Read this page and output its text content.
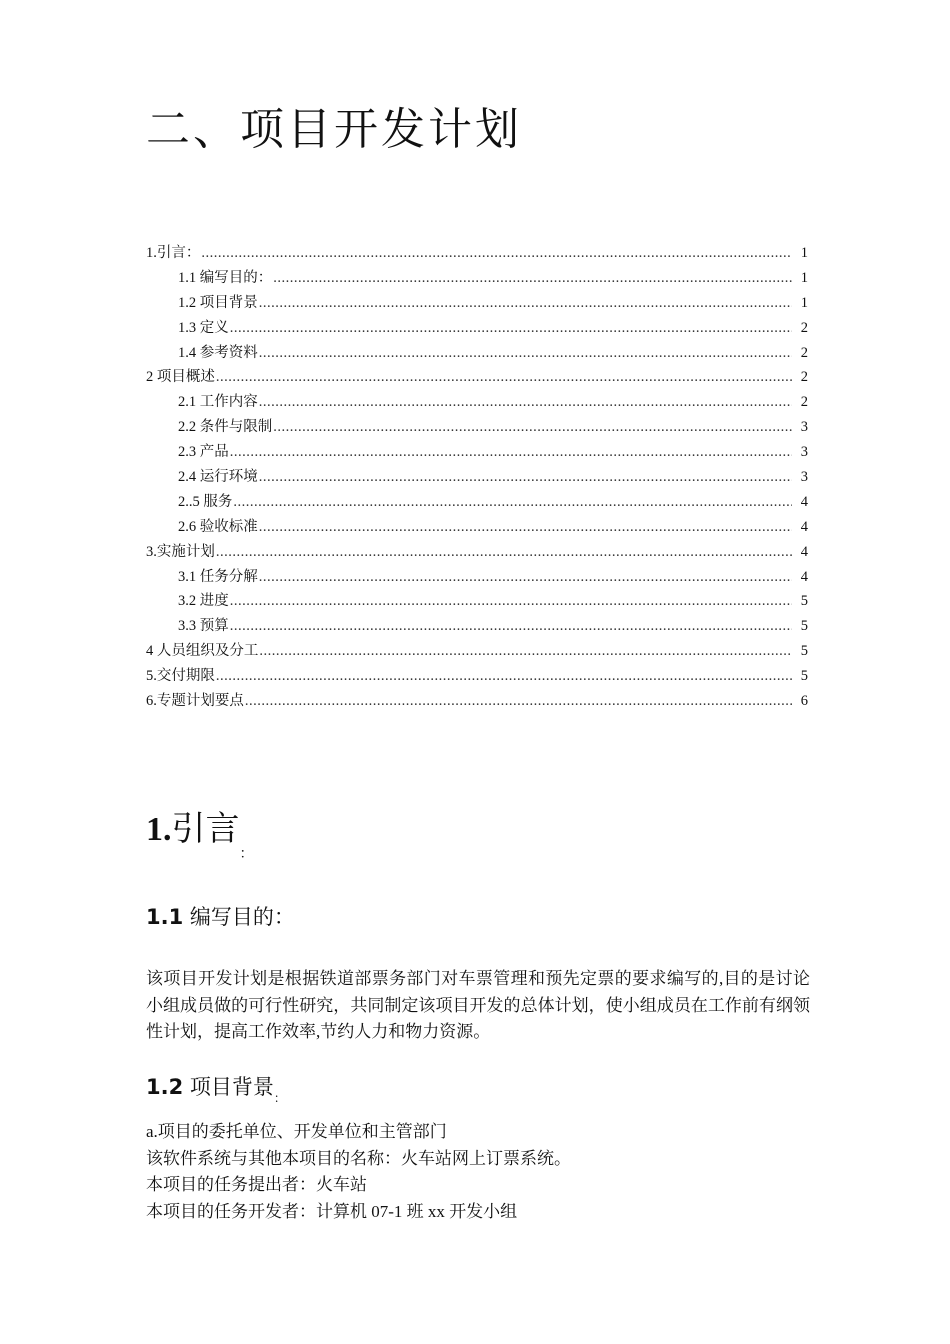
二、项目开发计划
1.引言： .....	1
1.1 编写目的： .....	1
1.2 项目背景 .....	1
1.3 定义 .....	2
1.4 参考资料 .....	2
2 项目概述 .....	2
2.1 工作内容 .....	2
2.2 条件与限制 .....	3
2.3 产品 .....	3
2.4 运行环境 .....	3
2..5 服务 .....	4
2.6 验收标准 .....	4
3.实施计划 .....	4
3.1 任务分解 .....	4
3.2 进度 .....	5
3.3 预算 .....	5
4 人员组织及分工 .....	5
5.交付期限 .....	5
6.专题计划要点 .....	6
1.引言$_:$
1.1 编写目的：
该项目开发计划是根据铁道部票务部门对车票管理和预先定票的要求编写的,目的是讨论小组成员做的可行性研究，共同制定该项目开发的总体计划，使小组成员在工作前有纲领性计划，提高工作效率,节约人力和物力资源。
1.2 项目背景$_:$
a.项目的委托单位、开发单位和主管部门
该软件系统与其他本项目的名称：火车站网上订票系统。
本项目的任务提出者：火车站
本项目的任务开发者：计算机 07-1 班 xx 开发小组
